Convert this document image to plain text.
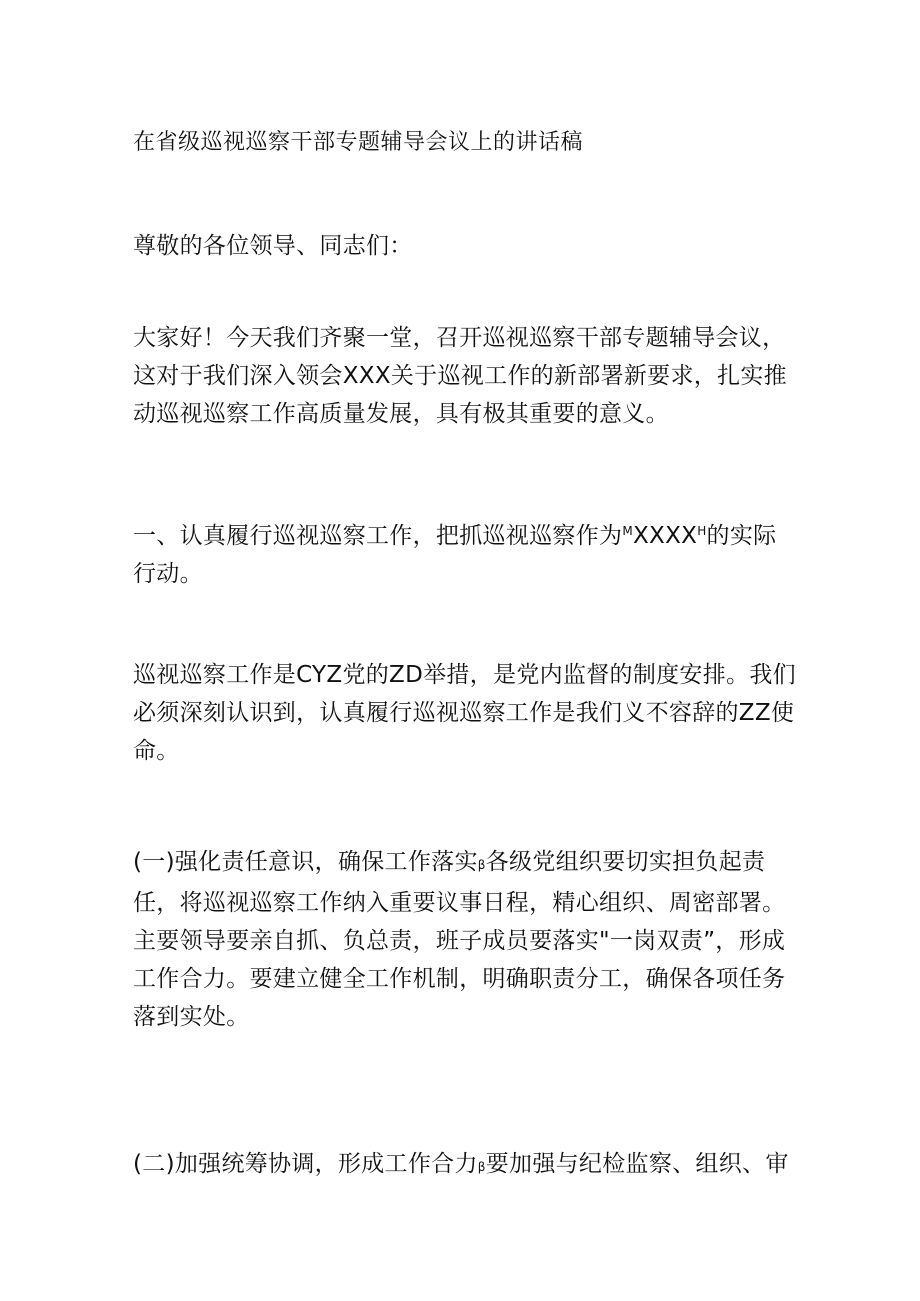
在省级巡视巡察干部专题辅导会议上的讲话稿

尊敬的各位领导、同志们：

大家好！今天我们齐聚一堂，召开巡视巡察干部专题辅导会议，
这对于我们深入领会XXX关于巡视工作的新部署新要求，扎实推
动巡视巡察工作高质量发展，具有极其重要的意义。

一、认真履行巡视巡察工作，把抓巡视巡察作为$^MXXXX^H$的实际
行动。

巡视巡察工作是CYZ党的ZD举措，是党内监督的制度安排。我们
必须深刻认识到，认真履行巡视巡察工作是我们义不容辞的ZZ使
命。

(一)强化责任意识，确保工作落实β各级党组织要切实担负起责
任，将巡视巡察工作纳入重要议事日程，精心组织、周密部署。
主要领导要亲自抓、负总责，班子成员要落实"一岗双责”，形成
工作合力。要建立健全工作机制，明确职责分工，确保各项任务
落到实处。

(二)加强统筹协调，形成工作合力β要加强与纪检监察、组织、审
